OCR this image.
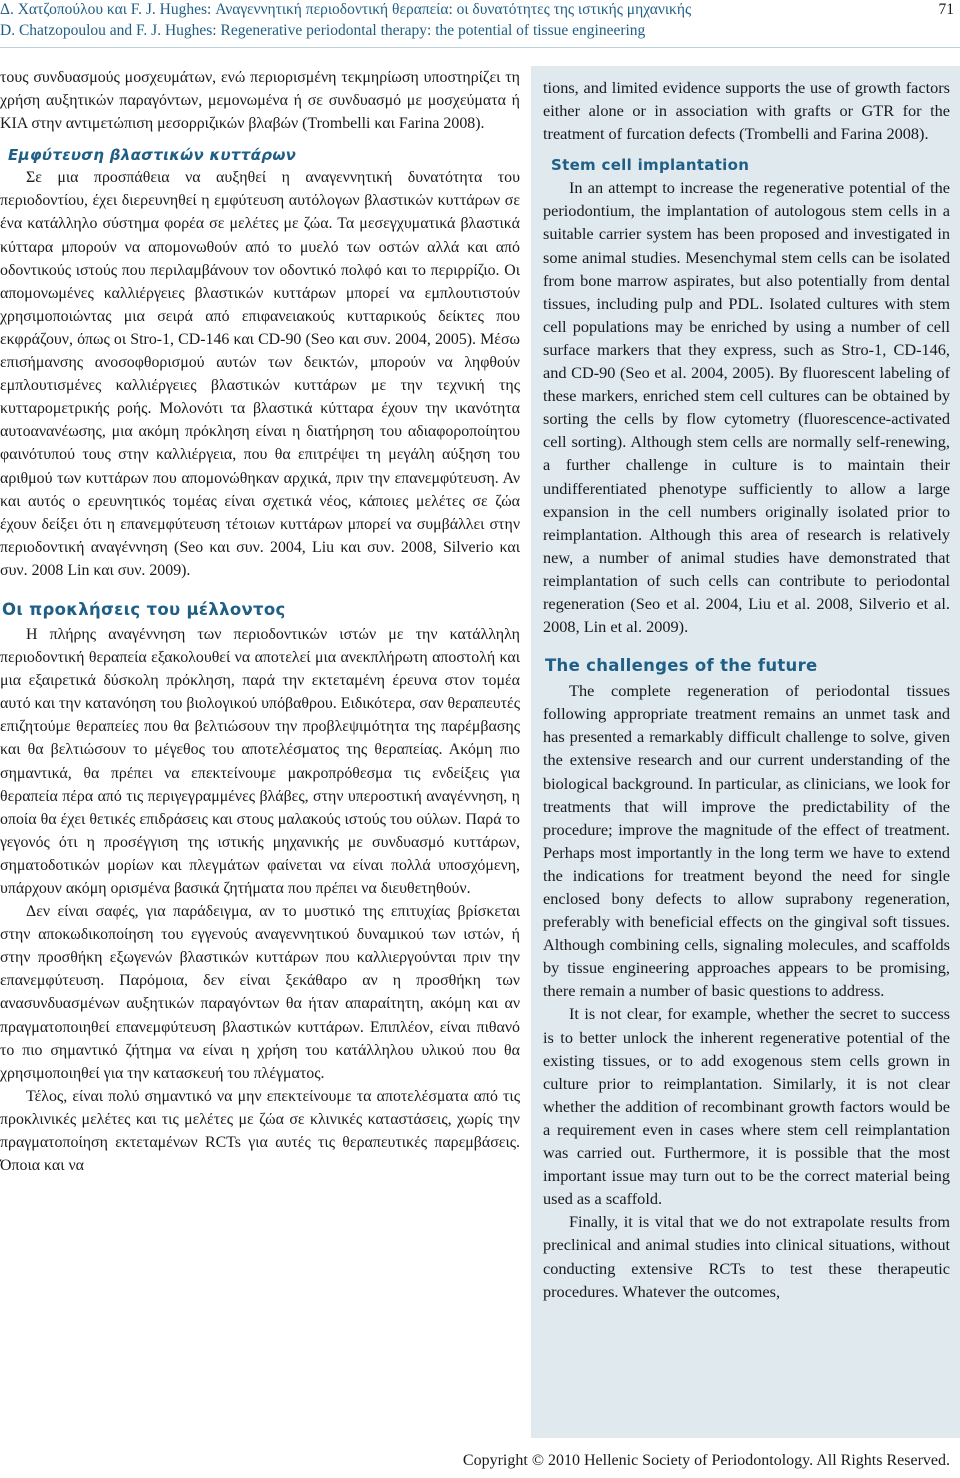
Δ. Χατζοπούλου και F. J. Hughes: Αναγεννητική περιοδοντική θεραπεία: οι δυνατότητες της ιστικής μηχανικής
D. Chatzopoulou and F. J. Hughes: Regenerative periodontal therapy: the potential of tissue engineering
71

τους συνδυασμούς μοσχευμάτων, ενώ περιορισμένη τεκμηρίωση υποστηρίζει τη χρήση αυξητικών παραγόντων, μεμονωμένα ή σε συνδυασμό με μοσχεύματα ή ΚΙΑ στην αντιμετώπιση μεσορριζικών βλαβών (Trombelli και Farina 2008).

Εμφύτευση βλαστικών κυττάρων

Σε μια προσπάθεια να αυξηθεί η αναγεννητική δυνατότητα του περιοδοντίου, έχει διερευνηθεί η εμφύτευση αυτόλογων βλαστικών κυττάρων σε ένα κατάλληλο σύστημα φορέα σε μελέτες με ζώα. Τα μεσεγχυματικά βλαστικά κύτταρα μπορούν να απομονωθούν από το μυελό των οστών αλλά και από οδοντικούς ιστούς που περιλαμβάνουν τον οδοντικό πολφό και το περιρρίζιο. Οι απομονωμένες καλλιέργειες βλαστικών κυττάρων μπορεί να εμπλουτιστούν χρησιμοποιώντας μια σειρά από επιφανειακούς κυτταρικούς δείκτες που εκφράζουν, όπως οι Stro-1, CD-146 και CD-90 (Seo και συν. 2004, 2005). Μέσω επισήμανσης ανοσοφθορισμού αυτών των δεικτών, μπορούν να ληφθούν εμπλουτισμένες καλλιέργειες βλαστικών κυττάρων με την τεχνική της κυτταρομετρικής ροής. Μολονότι τα βλαστικά κύτταρα έχουν την ικανότητα αυτοανανέωσης, μια ακόμη πρόκληση είναι η διατήρηση του αδιαφοροποίητου φαινότυπού τους στην καλλιέργεια, που θα επιτρέψει τη μεγάλη αύξηση του αριθμού των κυττάρων που απομονώθηκαν αρχικά, πριν την επανεμφύτευση. Αν και αυτός ο ερευνητικός τομέας είναι σχετικά νέος, κάποιες μελέτες σε ζώα έχουν δείξει ότι η επανεμφύτευση τέτοιων κυττάρων μπορεί να συμβάλλει στην περιοδοντική αναγέννηση (Seo και συν. 2004, Liu και συν. 2008, Silverio και συν. 2008 Lin και συν. 2009).

Οι προκλήσεις του μέλλοντος

Η πλήρης αναγέννηση των περιοδοντικών ιστών με την κατάλληλη περιοδοντική θεραπεία εξακολουθεί να αποτελεί μια ανεκπλήρωτη αποστολή και μια εξαιρετικά δύσκολη πρόκληση, παρά την εκτεταμένη έρευνα στον τομέα αυτό και την κατανόηση του βιολογικού υπόβαθρου. Ειδικότερα, σαν θεραπευτές επιζητούμε θεραπείες που θα βελτιώσουν την προβλεψιμότητα της παρέμβασης και θα βελτιώσουν το μέγεθος του αποτελέσματος της θεραπείας. Ακόμη πιο σημαντικά, θα πρέπει να επεκτείνουμε μακροπρόθεσμα τις ενδείξεις για θεραπεία πέρα από τις περιγεγραμμένες βλάβες, στην υπεροστική αναγέννηση, η οποία θα έχει θετικές επιδράσεις και στους μαλακούς ιστούς του ούλων. Παρά το γεγονός ότι η προσέγγιση της ιστικής μηχανικής με συνδυασμό κυττάρων, σηματοδοτικών μορίων και πλεγμάτων φαίνεται να είναι πολλά υποσχόμενη, υπάρχουν ακόμη ορισμένα βασικά ζητήματα που πρέπει να διευθετηθούν.

Δεν είναι σαφές, για παράδειγμα, αν το μυστικό της επιτυχίας βρίσκεται στην αποκωδικοποίηση του εγγενούς αναγεννητικού δυναμικού των ιστών, ή στην προσθήκη εξωγενών βλαστικών κυττάρων που καλλιεργούνται πριν την επανεμφύτευση. Παρόμοια, δεν είναι ξεκάθαρο αν η προσθήκη των ανασυνδυασμένων αυξητικών παραγόντων θα ήταν απαραίτητη, ακόμη και αν πραγματοποιηθεί επανεμφύτευση βλαστικών κυττάρων. Επιπλέον, είναι πιθανό το πιο σημαντικό ζήτημα να είναι η χρήση του κατάλληλου υλικού που θα χρησιμοποιηθεί για την κατασκευή του πλέγματος.

Τέλος, είναι πολύ σημαντικό να μην επεκτείνουμε τα αποτελέσματα από τις προκλινικές μελέτες και τις μελέτες με ζώα σε κλινικές καταστάσεις, χωρίς την πραγματοποίηση εκτεταμένων RCTs για αυτές τις θεραπευτικές παρεμβάσεις. Όποια και να

tions, and limited evidence supports the use of growth factors either alone or in association with grafts or GTR for the treatment of furcation defects (Trombelli and Farina 2008).

Stem cell implantation

In an attempt to increase the regenerative potential of the periodontium, the implantation of autologous stem cells in a suitable carrier system has been proposed and investigated in some animal studies. Mesenchymal stem cells can be isolated from bone marrow aspirates, but also potentially from dental tissues, including pulp and PDL. Isolated cultures with stem cell populations may be enriched by using a number of cell surface markers that they express, such as Stro-1, CD-146, and CD-90 (Seo et al. 2004, 2005). By fluorescent labeling of these markers, enriched stem cell cultures can be obtained by sorting the cells by flow cytometry (fluorescence-activated cell sorting). Although stem cells are normally self-renewing, a further challenge in culture is to maintain their undifferentiated phenotype sufficiently to allow a large expansion in the cell numbers originally isolated prior to reimplantation. Although this area of research is relatively new, a number of animal studies have demonstrated that reimplantation of such cells can contribute to periodontal regeneration (Seo et al. 2004, Liu et al. 2008, Silverio et al. 2008, Lin et al. 2009).

The challenges of the future

The complete regeneration of periodontal tissues following appropriate treatment remains an unmet task and has presented a remarkably difficult challenge to solve, given the extensive research and our current understanding of the biological background. In particular, as clinicians, we look for treatments that will improve the predictability of the procedure; improve the magnitude of the effect of treatment. Perhaps most importantly in the long term we have to extend the indications for treatment beyond the need for single enclosed bony defects to allow suprabony regeneration, preferably with beneficial effects on the gingival soft tissues. Although combining cells, signaling molecules, and scaffolds by tissue engineering approaches appears to be promising, there remain a number of basic questions to address.

It is not clear, for example, whether the secret to success is to better unlock the inherent regenerative potential of the existing tissues, or to add exogenous stem cells grown in culture prior to reimplantation. Similarly, it is not clear whether the addition of recombinant growth factors would be a requirement even in cases where stem cell reimplantation was carried out. Furthermore, it is possible that the most important issue may turn out to be the correct material being used as a scaffold.

Finally, it is vital that we do not extrapolate results from preclinical and animal studies into clinical situations, without conducting extensive RCTs to test these therapeutic procedures. Whatever the outcomes,

Copyright © 2010 Hellenic Society of Periodontology. All Rights Reserved.
